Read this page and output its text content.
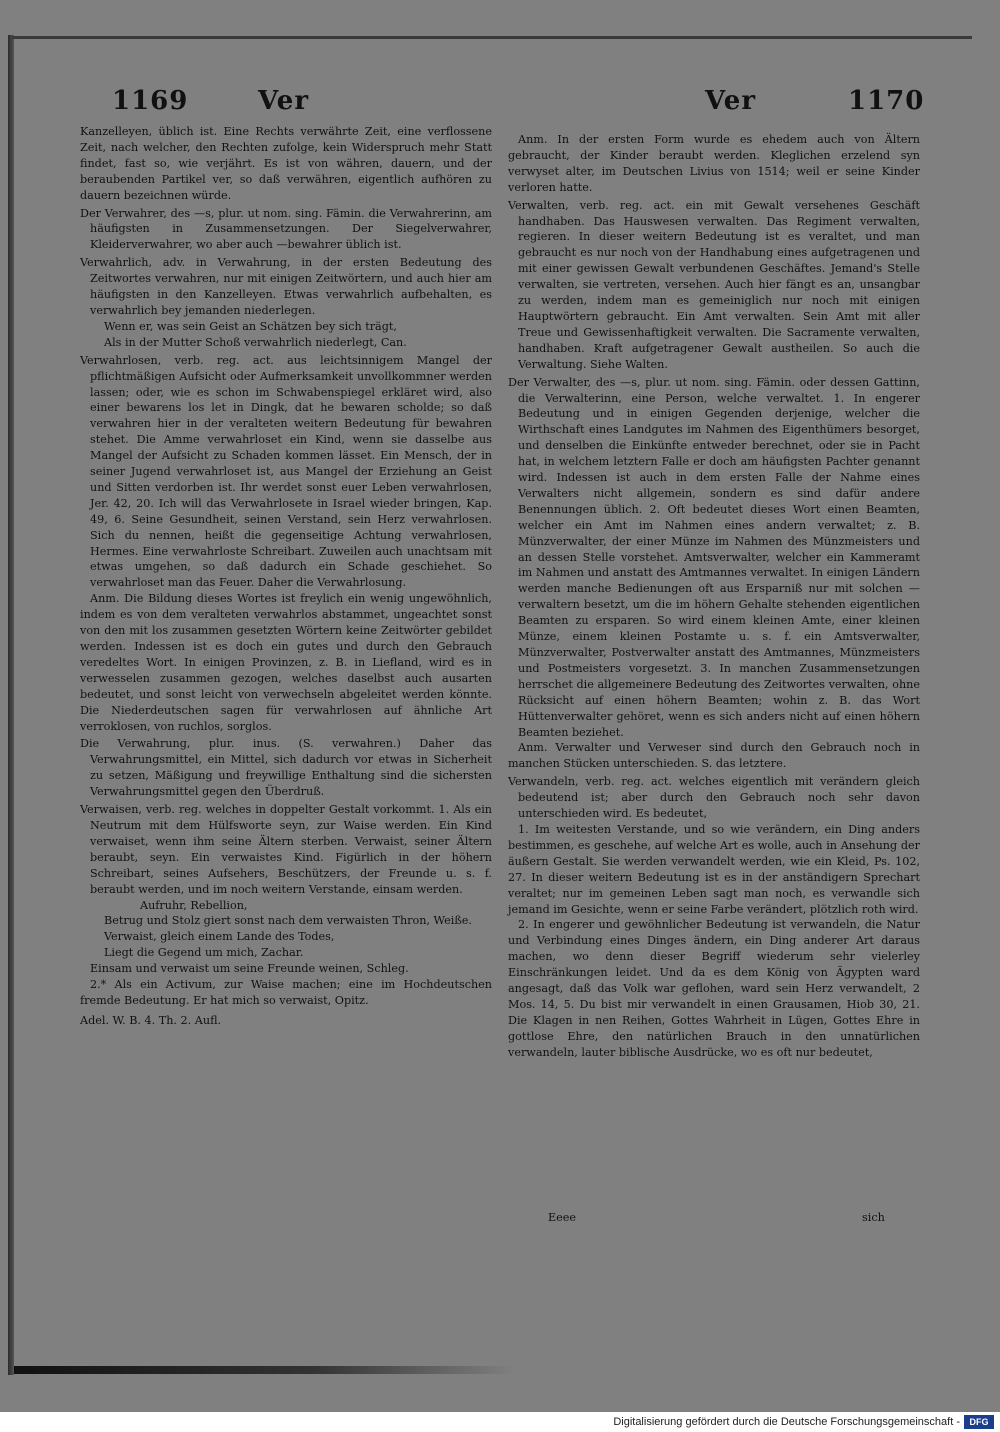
1169	Ver	Ver	1170

Kanzelleyen, üblich ist. Eine Rechts verwährte Zeit, eine verflossene Zeit, nach welcher, den Rechten zufolge, kein Widerspruch mehr Statt findet, fast so, wie verjährt. Es ist von währen, dauern, und der beraubenden Partikel ver, so daß verwähren, eigentlich aufhören zu dauern bezeichnen würde.

Der Verwahrer, des —s, plur. ut nom. sing. Fämin. die Verwahrerinn, am häufigsten in Zusammensetzungen. Der Siegelverwahrer, Kleiderverwahrer, wo aber auch —bewahrer üblich ist.

Verwahrlich, adv. in Verwahrung, in der ersten Bedeutung des Zeitwortes verwahren, nur mit einigen Zeitwörtern, und auch hier am häufigsten in den Kanzelleyen. Etwas verwahrlich aufbehalten, es verwahrlich bey jemanden niederlegen.

Wenn er, was sein Geist an Schätzen bey sich trägt,

Als in der Mutter Schoß verwahrlich niederlegt, Can.

Verwahrlosen, verb. reg. act. aus leichtsinnigem Mangel der pflichtmäßigen Aufsicht oder Aufmerksamkeit unvollkommner werden lassen; oder, wie es schon im Schwabenspiegel erkläret wird, also einer bewarens los let in Dingk, dat he bewaren scholde; so daß verwahren hier in der veralteten weitern Bedeutung für bewahren stehet. Die Amme verwahrloset ein Kind, wenn sie dasselbe aus Mangel der Aufsicht zu Schaden kommen lässet. Ein Mensch, der in seiner Jugend verwahrloset ist, aus Mangel der Erziehung an Geist und Sitten verdorben ist. Ihr werdet sonst euer Leben verwahrlosen, Jer. 42, 20. Ich will das Verwahrlosete in Israel wieder bringen, Kap. 49, 6. Seine Gesundheit, seinen Verstand, sein Herz verwahrlosen. Sich du nennen, heißt die gegenseitige Achtung verwahrlosen, Hermes. Eine verwahrloste Schreibart. Zuweilen auch unachtsam mit etwas umgehen, so daß dadurch ein Schade geschiehet. So verwahrloset man das Feuer. Daher die Verwahrlosung.

Anm. Die Bildung dieses Wortes ist freylich ein wenig ungewöhnlich, indem es von dem veralteten verwahrlos abstammet, ungeachtet sonst von den mit los zusammen gesetzten Wörtern keine Zeitwörter gebildet werden. Indessen ist es doch ein gutes und durch den Gebrauch veredeltes Wort. In einigen Provinzen, z. B. in Liefland, wird es in verwesselen zusammen gezogen, welches daselbst auch ausarten bedeutet, und sonst leicht von verwechseln abgeleitet werden könnte. Die Niederdeutschen sagen für verwahrlosen auf ähnliche Art verroklosen, von ruchlos, sorglos.

Die Verwahrung, plur. inus. (S. verwahren.) Daher das Verwahrungsmittel, ein Mittel, sich dadurch vor etwas in Sicherheit zu setzen, Mäßigung und freywillige Enthaltung sind die sichersten Verwahrungsmittel gegen den Überdruß.

Verwaisen, verb. reg. welches in doppelter Gestalt vorkommt. 1. Als ein Neutrum mit dem Hülfsworte seyn, zur Waise werden. Ein Kind verwaiset, wenn ihm seine Ältern sterben. Verwaist, seiner Ältern beraubt, seyn. Ein verwaistes Kind. Figürlich in der höhern Schreibart, seines Aufsehers, Beschützers, der Freunde u. s. f. beraubt werden, und im noch weitern Verstande, einsam werden.

Aufruhr, Rebellion,

Betrug und Stolz giert sonst nach dem verwaisten Thron, Weiße.

Verwaist, gleich einem Lande des Todes,

Liegt die Gegend um mich, Zachar.

Einsam und verwaist um seine Freunde weinen, Schleg.

2.* Als ein Activum, zur Waise machen; eine im Hochdeutschen fremde Bedeutung. Er hat mich so verwaist, Opitz.

Adel. W. B. 4. Th. 2. Aufl.

Anm. In der ersten Form wurde es ehedem auch von Ältern gebraucht, der Kinder beraubt werden. Kleglichen erzelend syn verwyset alter, im Deutschen Livius von 1514; weil er seine Kinder verloren hatte.

Verwalten, verb. reg. act. ein mit Gewalt versehenes Geschäft handhaben. Das Hauswesen verwalten. Das Regiment verwalten, regieren. In dieser weitern Bedeutung ist es veraltet, und man gebraucht es nur noch von der Handhabung eines aufgetragenen und mit einer gewissen Gewalt verbundenen Geschäftes. Jemand's Stelle verwalten, sie vertreten, versehen. Auch hier fängt es an, unsangbar zu werden, indem man es gemeiniglich nur noch mit einigen Hauptwörtern gebraucht. Ein Amt verwalten. Sein Amt mit aller Treue und Gewissenhaftigkeit verwalten. Die Sacramente verwalten, handhaben. Kraft aufgetragener Gewalt austheilen. So auch die Verwaltung. Siehe Walten.

Der Verwalter, des —s, plur. ut nom. sing. Fämin. oder dessen Gattinn, die Verwalterinn, eine Person, welche verwaltet. 1. In engerer Bedeutung und in einigen Gegenden derjenige, welcher die Wirthschaft eines Landgutes im Nahmen des Eigenthümers besorget, und denselben die Einkünfte entweder berechnet, oder sie in Pacht hat, in welchem letztern Falle er doch am häufigsten Pachter genannt wird. Indessen ist auch in dem ersten Falle der Nahme eines Verwalters nicht allgemein, sondern es sind dafür andere Benennungen üblich. 2. Oft bedeutet dieses Wort einen Beamten, welcher ein Amt im Nahmen eines andern verwaltet; z. B. Münzverwalter, der einer Münze im Nahmen des Münzmeisters und an dessen Stelle vorstehet. Amtsverwalter, welcher ein Kammeramt im Nahmen und anstatt des Amtmannes verwaltet. In einigen Ländern werden manche Bedienungen oft aus Ersparniß nur mit solchen —verwaltern besetzt, um die im höhern Gehalte stehenden eigentlichen Beamten zu ersparen. So wird einem kleinen Amte, einer kleinen Münze, einem kleinen Postamte u. s. f. ein Amtsverwalter, Münzverwalter, Postverwalter anstatt des Amtmannes, Münzmeisters und Postmeisters vorgesetzt. 3. In manchen Zusammensetzungen herrschet die allgemeinere Bedeutung des Zeitwortes verwalten, ohne Rücksicht auf einen höhern Beamten; wohin z. B. das Wort Hüttenverwalter gehöret, wenn es sich anders nicht auf einen höhern Beamten beziehet.

Anm. Verwalter und Verweser sind durch den Gebrauch noch in manchen Stücken unterschieden. S. das letztere.

Verwandeln, verb. reg. act. welches eigentlich mit verändern gleich bedeutend ist; aber durch den Gebrauch noch sehr davon unterschieden wird. Es bedeutet,

1. Im weitesten Verstande, und so wie verändern, ein Ding anders bestimmen, es geschehe, auf welche Art es wolle, auch in Ansehung der äußern Gestalt. Sie werden verwandelt werden, wie ein Kleid, Ps. 102, 27. In dieser weitern Bedeutung ist es in der anständigern Sprechart veraltet; nur im gemeinen Leben sagt man noch, es verwandle sich jemand im Gesichte, wenn er seine Farbe verändert, plötzlich roth wird.

2. In engerer und gewöhnlicher Bedeutung ist verwandeln, die Natur und Verbindung eines Dinges ändern, ein Ding anderer Art daraus machen, wo denn dieser Begriff wiederum sehr vielerley Einschränkungen leidet. Und da es dem König von Ägypten ward angesagt, daß das Volk war geflohen, ward sein Herz verwandelt, 2 Mos. 14, 5. Du bist mir verwandelt in einen Grausamen, Hiob 30, 21. Die Klagen in nen Reihen, Gottes Wahrheit in Lügen, Gottes Ehre in gottlose Ehre, den natürlichen Brauch in den unnatürlichen verwandeln, lauter biblische Ausdrücke, wo es oft nur bedeutet,

Eeee	sich
Digitalisierung gefördert durch die Deutsche Forschungsgemeinschaft -	DFG
